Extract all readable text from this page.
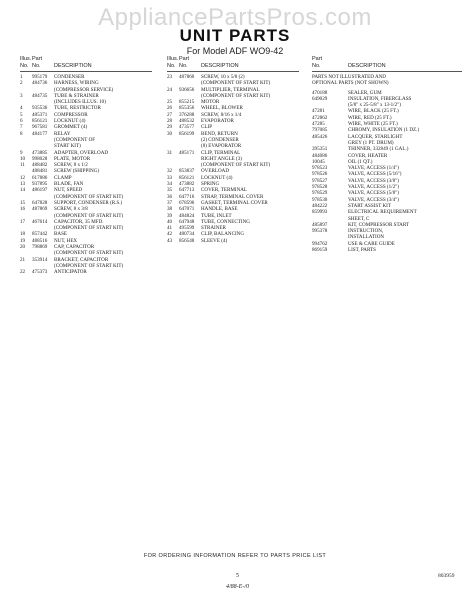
AppliancePartsPros.com
UNIT PARTS
For Model ADF WO9-42
Illus.Part
No. No. DESCRIPTION
1	995179	CONDENSER
2	484736	HARNESS, WIRING
(COMPRESSOR SERVICE)
3	484735	TUBE & STRAINER
(INCLUDES ILLUS. 10)
4	935536	TUBE, RESTRICTOR
5	485371	COMPRESSOR
6	856121	LOCKNUT (4)
7	967581	GROMMET (4)
8	484177	RELAY
(COMPONENT OF
START KIT)
9	473885	ADAPTER, OVERLOAD
10	998028	PLATE, MOTOR
11	488482	SCREW, 8 x 1/2
488481	SCREW (SHIPPING)
12	617886	CLAMP
13	937895	BLADE, FAN
14	486197	NUT, SPEED
(COMPONENT OF START KIT)
15	647828	SUPPORT, CONDENSER (R.S.)
16	487869	SCREW, 8 x 3/8
(COMPONENT OF START KIT)
17	467614	CAPACITOR, 35 MFD.
(COMPONENT OF START KIT)
18	857442	BASE
19	488516	NUT, HEX
20	798869	CAP, CAPACITOR
(COMPONENT OF START KIT)
21	353914	BRACKET, CAPACITOR
(COMPONENT OF START KIT)
22	475373	ANTICIPATOR
Illus.Part
No. No. DESCRIPTION
23	487860	SCREW, 10 x 5/8 (2)
(COMPONENT OF START KIT)
24	936656	MULTIPLIER, TERMINAL
(COMPONENT OF START KIT)
25	855215	MOTOR
26	855356	WHEEL, BLOWER
27	376288	SCREW, 8/16 x 1/4
28	488532	EVAPORATOR
29	473577	CLIP
30	856199	BEND, RETURN
(2) CONDENSER
(8) EVAPORATOR
31	485171	CLIP, TERMINAL
RIGHT ANGLE (3)
(COMPONENT OF START KIT)
32	853837	OVERLOAD
33	856121	LOCKNUT (4)
34	473882	SPRING
35	647713	COVER, TERMINAL
36	647716	STRAP, TERMINAL COVER
37	678596	GASKET, TERMINAL COVER
38	647071	HANDLE, BASE
39	484824	TUBE, INLET
40	647948	TUBE, CONNECTING
41	495599	STRAINER
42	480734	CLIP, BALANCING
43	856548	SLEEVE (4)
Part
No.	DESCRIPTION
PARTS NOT ILLUSTRATED AND
OPTIONAL PARTS (NOT SHOWN)
470188	SEALER, GUM
649029	INSULATION, FIBERGLASS
(5/8" x 25-5/8" x 13-1/2")
47281	WIRE, BLACK (25 FT.)
472862	WIRE, RED (25 FT.)
47285	WIRE, WHITE (25 FT.)
797085	CHROMY, INSULATION (1 DZ.)
485426	LACQUER, STARLIGHT
GREY (1 PT. DRUM)
395351	THINNER, 332849 (1 GAL.)
484086	COVER, HEATER
10045	OIL (1 QT.)
978523	VALVE, ACCESS (1/4")
978526	VALVE, ACCESS (5/16")
978527	VALVE, ACCESS (3/8")
978528	VALVE, ACCESS (1/2")
978529	VALVE, ACCESS (5/8")
978530	VALVE, ACCESS (3/4")
484222	START ASSIST KIT
859993	ELECTRICAL REQUIREMENT
SHEET, C
485897	KIT, COMPRESSOR START
995378	INSTRUCTION,
INSTALLATION
994762	USE & CARE GUIDE
869159	LIST, PARTS
FOR ORDERING INFORMATION REFER TO PARTS PRICE LIST
5	803959
4/88-E-/0
